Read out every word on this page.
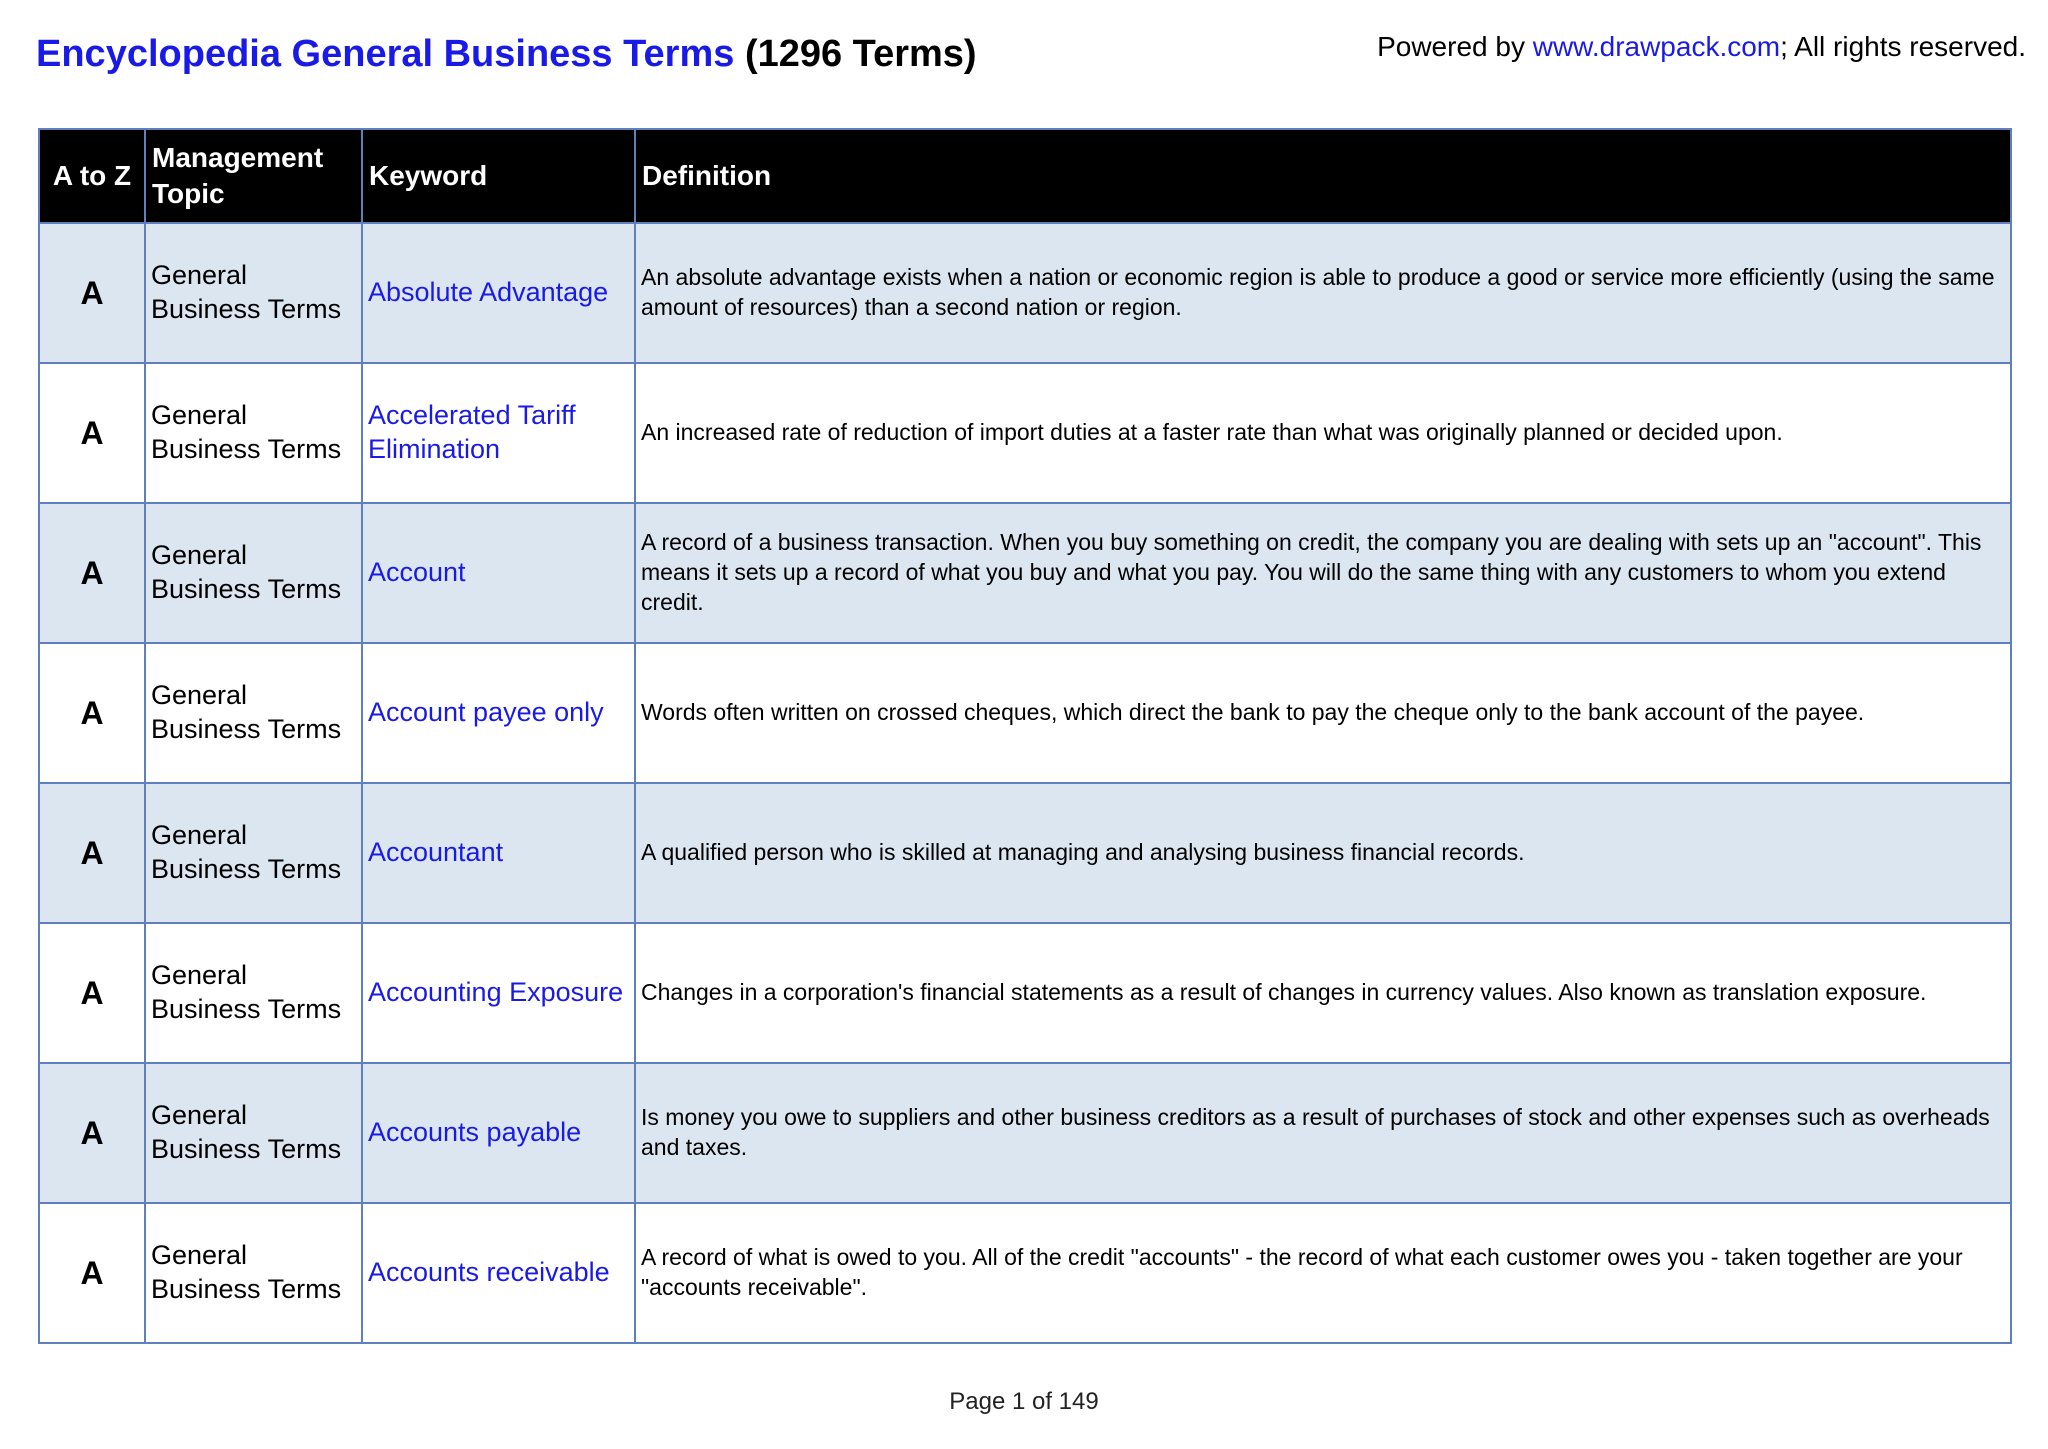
Encyclopedia General Business Terms (1296 Terms)	Powered by www.drawpack.com; All rights reserved.
A to Z	Management Topic	Keyword	Definition
A	General Business Terms	Absolute Advantage	An absolute advantage exists when a nation or economic region is able to produce a good or service more efficiently (using the same amount of resources) than a second nation or region.
A	General Business Terms	Accelerated Tariff Elimination	An increased rate of reduction of import duties at a faster rate than what was originally planned or decided upon.
A	General Business Terms	Account	A record of a business transaction. When you buy something on credit, the company you are dealing with sets up an "account". This means it sets up a record of what you buy and what you pay. You will do the same thing with any customers to whom you extend credit.
A	General Business Terms	Account payee only	Words often written on crossed cheques, which direct the bank to pay the cheque only to the bank account of the payee.
A	General Business Terms	Accountant	A qualified person who is skilled at managing and analysing business financial records.
A	General Business Terms	Accounting Exposure	Changes in a corporation's financial statements as a result of changes in currency values. Also known as translation exposure.
A	General Business Terms	Accounts payable	Is money you owe to suppliers and other business creditors as a result of purchases of stock and other expenses such as overheads and taxes.
A	General Business Terms	Accounts receivable	A record of what is owed to you. All of the credit "accounts" - the record of what each customer owes you - taken together are your "accounts receivable".
Page 1 of 149
